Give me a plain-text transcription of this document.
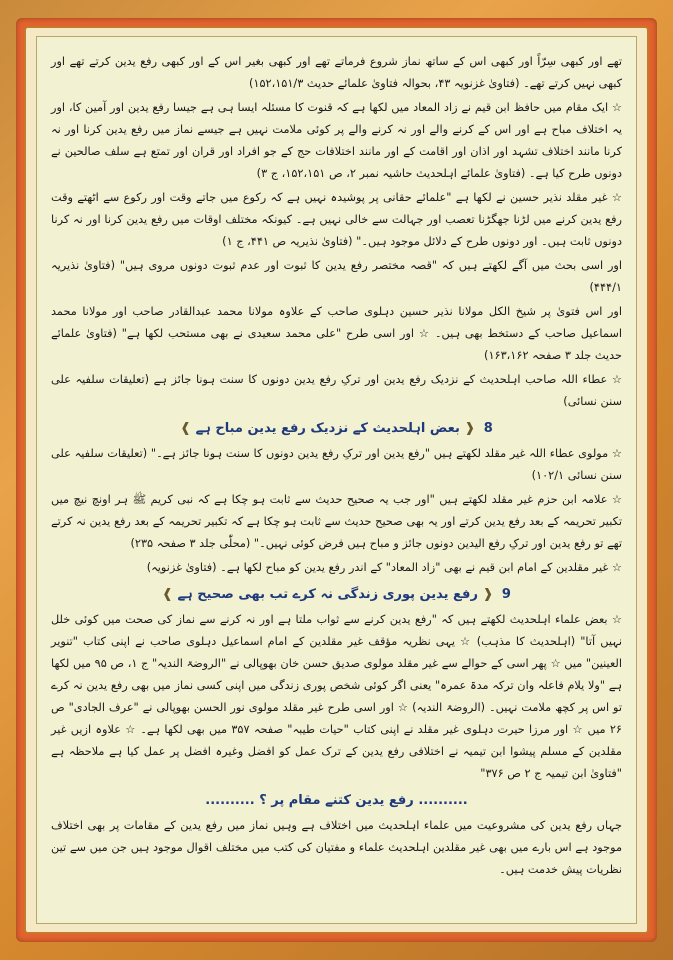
تھے اور کبھی سِرّاً اور کبھی اس کے ساتھ نماز شروع فرماتے تھے اور کبھی بغیر اس کے اور کبھی رفع یدین کرتے تھے اور کبھی نہیں کرتے تھے۔ (فتاویٰ غزنویہ ۴۳، بحوالہ فتاویٰ علمائے حدیث ۱۵۲،۱۵۱/۳)

☆ ایک مقام میں حافظ ابن قیم نے زاد المعاد میں لکھا ہے کہ قنوت کا مسئلہ ایسا ہی ہے جیسا رفع یدین اور آمین کا، اور یہ اختلاف مباح ہے اور اس کے کرنے والے اور نہ کرنے والے پر کوئی ملامت نہیں ہے جیسے نماز میں رفع یدین کرنا اور نہ کرنا مانند اختلاف تشہد اور اذان اور اقامت کے اور مانند اختلافات حج کے جو افراد اور قران اور تمتع ہے سلف صالحین نے دونوں طرح کیا ہے۔ (فتاویٰ علمائے اہلحدیث حاشیہ نمبر ۲، ص ۱۵۲،۱۵۱، ج ۳)

☆ غیر مقلد نذیر حسین نے لکھا ہے "علمائے حقانی پر پوشیدہ نہیں ہے کہ رکوع میں جاتے وقت اور رکوع سے اٹھتے وقت رفع یدین کرنے میں لڑنا جھگڑنا تعصب اور جہالت سے خالی نہیں ہے۔ کیونکہ مختلف اوقات میں رفع یدین کرنا اور نہ کرنا دونوں ثابت ہیں۔ اور دونوں طرح کے دلائل موجود ہیں۔" (فتاویٰ نذیریہ ص ۴۴۱، ج ۱)

اور اسی بحث میں آگے لکھتے ہیں کہ "قصہ مختصر رفع یدین کا ثبوت اور عدم ثبوت دونوں مروی ہیں" (فتاویٰ نذیریہ ۴۴۴/۱)

اور اس فتویٰ پر شیخ الکل مولانا نذیر حسین دہلوی صاحب کے علاوہ مولانا محمد عبدالقادر صاحب اور مولانا محمد اسماعیل صاحب کے دستخط بھی ہیں۔ ☆ اور اسی طرح "علی محمد سعیدی نے بھی مستحب لکھا ہے" (فتاویٰ علمائے حدیث جلد ۳ صفحہ ۱۶۳،۱۶۲)

☆ عطاء اللہ صاحب اہلحدیث کے نزدیک رفع یدین اور ترکِ رفع یدین دونوں کا سنت ہونا جائز ہے (تعلیقات سلفیہ علی سنن نسائی)

8 ❰ بعض اہلحدیث کے نزدیک رفع یدین مباح ہے ❱

☆ مولوی عطاء اللہ غیر مقلد لکھتے ہیں "رفع یدین اور ترکِ رفع یدین دونوں کا سنت ہونا جائز ہے۔" (تعلیقات سلفیہ علی سنن نسائی ۱۰۲/۱)

☆ علامہ ابن حزم غیر مقلد لکھتے ہیں "اور جب یہ صحیح حدیث سے ثابت ہو چکا ہے کہ نبی کریم ﷺ ہر اونچ نیچ میں تکبیر تحریمہ کے بعد رفع یدین کرتے اور یہ بھی صحیح حدیث سے ثابت ہو چکا ہے کہ تکبیر تحریمہ کے بعد رفع یدین نہ کرتے تھے تو رفع یدین اور ترکِ رفع الیدین دونوں جائز و مباح ہیں فرض کوئی نہیں۔" (محلّٰی جلد ۳ صفحہ ۲۳۵)

☆ غیر مقلدین کے امام ابن قیم نے بھی "زاد المعاد" کے اندر رفع یدین کو مباح لکھا ہے۔ (فتاویٰ غزنویہ)

9 ❰ رفع یدین پوری زندگی نہ کرے تب بھی صحیح ہے ❱

☆ بعض علماء اہلحدیث لکھتے ہیں کہ "رفع یدین کرنے سے ثواب ملتا ہے اور نہ کرنے سے نماز کی صحت میں کوئی خلل نہیں آتا" (اہلحدیث کا مذہب) ☆ یہی نظریہ مؤقف غیر مقلدین کے امام اسماعیل دہلوی صاحب نے اپنی کتاب "تنویر العینین" میں ☆ پھر اسی کے حوالے سے غیر مقلد مولوی صدیق حسن خان بھوپالی نے "الروضۃ الندیہ" ج ۱، ص ۹۵ میں لکھا ہے "ولا یلام فاعلہ وان ترکہ مدۃ عمرہ" یعنی اگر کوئی شخص پوری زندگی میں اپنی کسی نماز میں بھی رفع یدین نہ کرے تو اس پر کچھ ملامت نہیں۔ (الروضۃ الندیہ) ☆ اور اسی طرح غیر مقلد مولوی نور الحسن بھوپالی نے "عرف الجادی" ص ۲۶ میں ☆ اور مرزا حیرت دہلوی غیر مقلد نے اپنی کتاب "حیات طیبہ" صفحہ ۳۵۷ میں بھی لکھا ہے۔ ☆ علاوہ ازیں غیر مقلدین کے مسلم پیشوا ابن تیمیہ نے اختلافی رفع یدین کے ترک عمل کو افضل وغیرہ افضل پر عمل کیا ہے ملاحظہ ہے "فتاویٰ ابن تیمیہ ج ۲ ص ۳۷۶"

.......... رفع یدین کتنے مقام پر ؟ ..........

جہاں رفع یدین کی مشروعیت میں علماء اہلحدیث میں اختلاف ہے وہیں نماز میں رفع یدین کے مقامات پر بھی اختلاف موجود ہے اس بارے میں بھی غیر مقلدین اہلحدیث علماء و مفتیان کی کتب میں مختلف اقوال موجود ہیں جن میں سے تین نظریات پیش خدمت ہیں۔
